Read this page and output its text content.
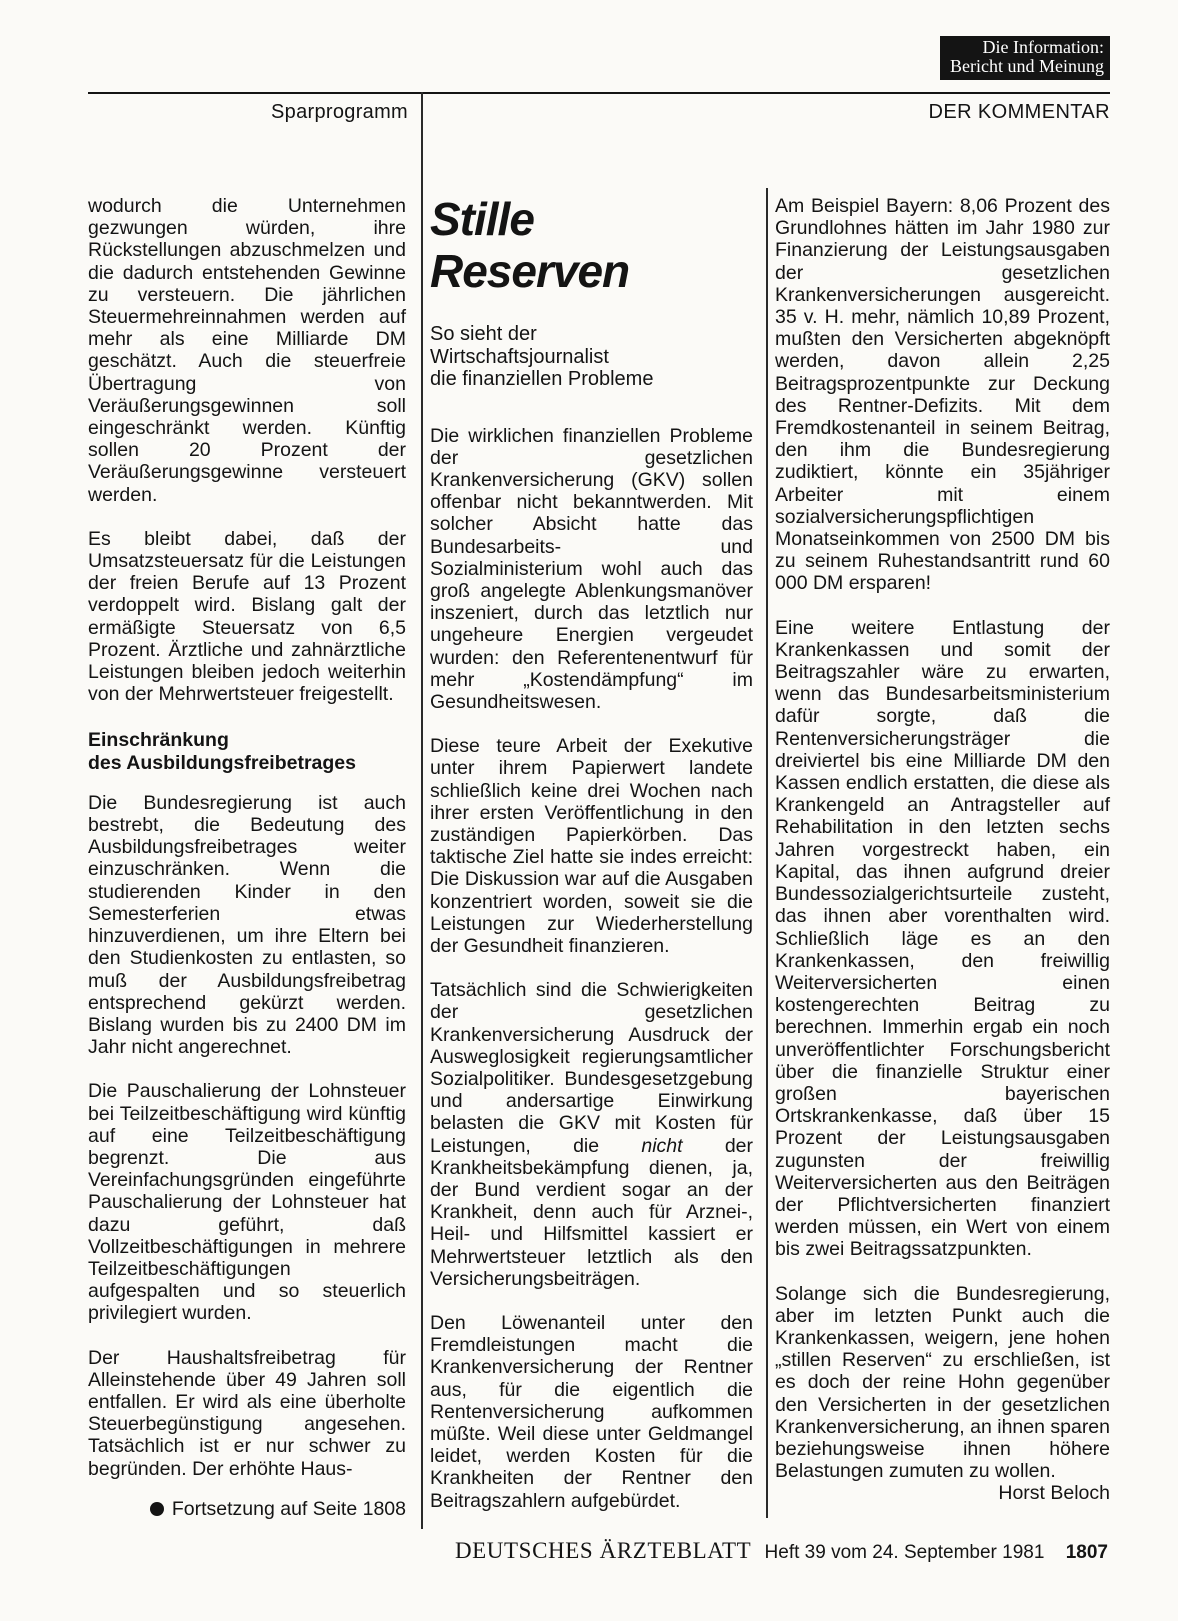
Die Information:
Bericht und Meinung
Sparprogramm	DER KOMMENTAR

wodurch die Unternehmen gezwungen würden, ihre Rückstellungen abzuschmelzen und die dadurch entstehenden Gewinne zu versteuern. Die jährlichen Steuermehreinnahmen werden auf mehr als eine Milliarde DM geschätzt. Auch die steuerfreie Übertragung von Veräußerungsgewinnen soll eingeschränkt werden. Künftig sollen 20 Prozent der Veräußerungsgewinne versteuert werden.

Es bleibt dabei, daß der Umsatzsteuersatz für die Leistungen der freien Berufe auf 13 Prozent verdoppelt wird. Bislang galt der ermäßigte Steuersatz von 6,5 Prozent. Ärztliche und zahnärztliche Leistungen bleiben jedoch weiterhin von der Mehrwertsteuer freigestellt.

Einschränkung
des Ausbildungsfreibetrages

Die Bundesregierung ist auch bestrebt, die Bedeutung des Ausbildungsfreibetrages weiter einzuschränken. Wenn die studierenden Kinder in den Semesterferien etwas hinzuverdienen, um ihre Eltern bei den Studienkosten zu entlasten, so muß der Ausbildungsfreibetrag entsprechend gekürzt werden. Bislang wurden bis zu 2400 DM im Jahr nicht angerechnet.

Die Pauschalierung der Lohnsteuer bei Teilzeitbeschäftigung wird künftig auf eine Teilzeitbeschäftigung begrenzt. Die aus Vereinfachungsgründen eingeführte Pauschalierung der Lohnsteuer hat dazu geführt, daß Vollzeitbeschäftigungen in mehrere Teilzeitbeschäftigungen aufgespalten und so steuerlich privilegiert wurden.

Der Haushaltsfreibetrag für Alleinstehende über 49 Jahren soll entfallen. Er wird als eine überholte Steuerbegünstigung angesehen. Tatsächlich ist er nur schwer zu begründen. Der erhöhte Haus-

Fortsetzung auf Seite 1808
Stille
Reserven

So sieht der
Wirtschaftsjournalist
die finanziellen Probleme

Die wirklichen finanziellen Probleme der gesetzlichen Krankenversicherung (GKV) sollen offenbar nicht bekanntwerden. Mit solcher Absicht hatte das Bundesarbeits- und Sozialministerium wohl auch das groß angelegte Ablenkungsmanöver inszeniert, durch das letztlich nur ungeheure Energien vergeudet wurden: den Referentenentwurf für mehr „Kostendämpfung“ im Gesundheitswesen.

Diese teure Arbeit der Exekutive unter ihrem Papierwert landete schließlich keine drei Wochen nach ihrer ersten Veröffentlichung in den zuständigen Papierkörben. Das taktische Ziel hatte sie indes erreicht: Die Diskussion war auf die Ausgaben konzentriert worden, soweit sie die Leistungen zur Wiederherstellung der Gesundheit finanzieren.

Tatsächlich sind die Schwierigkeiten der gesetzlichen Krankenversicherung Ausdruck der Ausweglosigkeit regierungsamtlicher Sozialpolitiker. Bundesgesetzgebung und andersartige Einwirkung belasten die GKV mit Kosten für Leistungen, die nicht der Krankheitsbekämpfung dienen, ja, der Bund verdient sogar an der Krankheit, denn auch für Arznei-, Heil- und Hilfsmittel kassiert er Mehrwertsteuer letztlich als den Versicherungsbeiträgen.

Den Löwenanteil unter den Fremdleistungen macht die Krankenversicherung der Rentner aus, für die eigentlich die Rentenversicherung aufkommen müßte. Weil diese unter Geldmangel leidet, werden Kosten für die Krankheiten der Rentner den Beitragszahlern aufgebürdet.

Am Beispiel Bayern: 8,06 Prozent des Grundlohnes hätten im Jahr 1980 zur Finanzierung der Leistungsausgaben der gesetzlichen Krankenversicherungen ausgereicht. 35 v. H. mehr, nämlich 10,89 Prozent, mußten den Versicherten abgeknöpft werden, davon allein 2,25 Beitragsprozentpunkte zur Deckung des Rentner-Defizits. Mit dem Fremdkostenanteil in seinem Beitrag, den ihm die Bundesregierung zudiktiert, könnte ein 35jähriger Arbeiter mit einem sozialversicherungspflichtigen Monatseinkommen von 2500 DM bis zu seinem Ruhestandsantritt rund 60 000 DM ersparen!

Eine weitere Entlastung der Krankenkassen und somit der Beitragszahler wäre zu erwarten, wenn das Bundesarbeitsministerium dafür sorgte, daß die Rentenversicherungsträger die dreiviertel bis eine Milliarde DM den Kassen endlich erstatten, die diese als Krankengeld an Antragsteller auf Rehabilitation in den letzten sechs Jahren vorgestreckt haben, ein Kapital, das ihnen aufgrund dreier Bundessozialgerichtsurteile zusteht, das ihnen aber vorenthalten wird. Schließlich läge es an den Krankenkassen, den freiwillig Weiterversicherten einen kostengerechten Beitrag zu berechnen. Immerhin ergab ein noch unveröffentlichter Forschungsbericht über die finanzielle Struktur einer großen bayerischen Ortskrankenkasse, daß über 15 Prozent der Leistungsausgaben zugunsten der freiwillig Weiterversicherten aus den Beiträgen der Pflichtversicherten finanziert werden müssen, ein Wert von einem bis zwei Beitragssatzpunkten.

Solange sich die Bundesregierung, aber im letzten Punkt auch die Krankenkassen, weigern, jene hohen „stillen Reserven“ zu erschließen, ist es doch der reine Hohn gegenüber den Versicherten in der gesetzlichen Krankenversicherung, an ihnen sparen beziehungsweise ihnen höhere Belastungen zumuten zu wollen.

Horst Beloch
DEUTSCHES ÄRZTEBLATT Heft 39 vom 24. September 1981 1807
